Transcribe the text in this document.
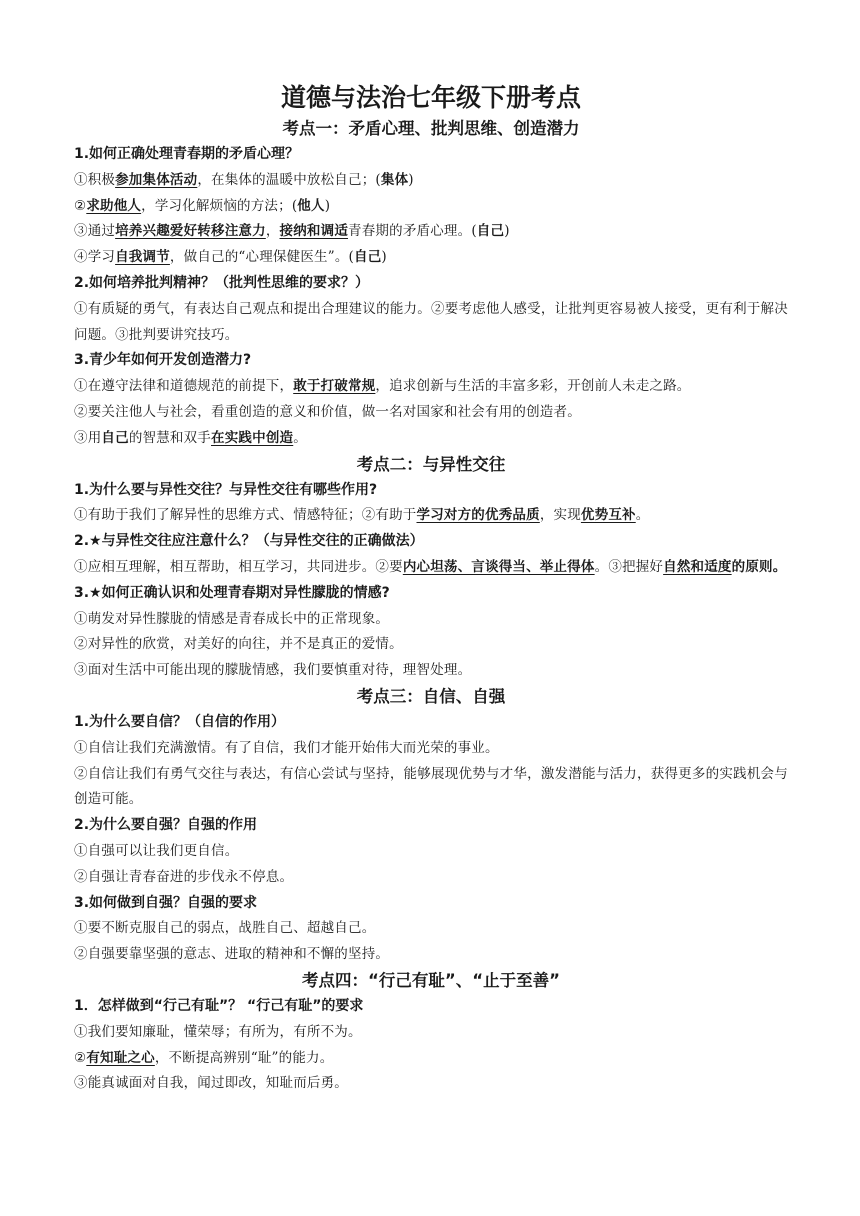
道德与法治七年级下册考点
考点一：矛盾心理、批判思维、创造潜力

1.如何正确处理青春期的矛盾心理？

①积极参加集体活动，在集体的温暖中放松自己；(集体)

②求助他人，学习化解烦恼的方法；(他人)

③通过培养兴趣爱好转移注意力，接纳和调适青春期的矛盾心理。(自己)

④学习自我调节，做自己的“心理保健医生”。(自己)

2.如何培养批判精神？（批判性思维的要求？）

①有质疑的勇气，有表达自己观点和提出合理建议的能力。②要考虑他人感受，让批判更容易被人接受，更有利于解决问题。③批判要讲究技巧。

3.青少年如何开发创造潜力?

①在遵守法律和道德规范的前提下，敢于打破常规，追求创新与生活的丰富多彩，开创前人未走之路。

②要关注他人与社会，看重创造的意义和价值，做一名对国家和社会有用的创造者。

③用自己的智慧和双手在实践中创造。

考点二：与异性交往

1.为什么要与异性交往？与异性交往有哪些作用?

①有助于我们了解异性的思维方式、情感特征；②有助于学习对方的优秀品质，实现优势互补。

2.★与异性交往应注意什么？（与异性交往的正确做法）

①应相互理解，相互帮助，相互学习，共同进步。②要内心坦荡、言谈得当、举止得体。③把握好自然和适度的原则。

3.★如何正确认识和处理青春期对异性朦胧的情感?

①萌发对异性朦胧的情感是青春成长中的正常现象。

②对异性的欣赏，对美好的向往，并不是真正的爱情。

③面对生活中可能出现的朦胧情感，我们要慎重对待，理智处理。

考点三：自信、自强

1.为什么要自信？（自信的作用）

①自信让我们充满激情。有了自信，我们才能开始伟大而光荣的事业。

②自信让我们有勇气交往与表达，有信心尝试与坚持，能够展现优势与才华，激发潜能与活力，获得更多的实践机会与创造可能。

2.为什么要自强？自强的作用

①自强可以让我们更自信。

②自强让青春奋进的步伐永不停息。

3.如何做到自强？自强的要求

①要不断克服自己的弱点，战胜自己、超越自己。

②自强要靠坚强的意志、进取的精神和不懈的坚持。

考点四：“行己有耻”、“止于至善”

1．怎样做到“行己有耻”？ “行己有耻”的要求

①我们要知廉耻，懂荣辱；有所为，有所不为。

②有知耻之心，不断提高辨别“耻”的能力。

③能真诚面对自我，闻过即改，知耻而后勇。
